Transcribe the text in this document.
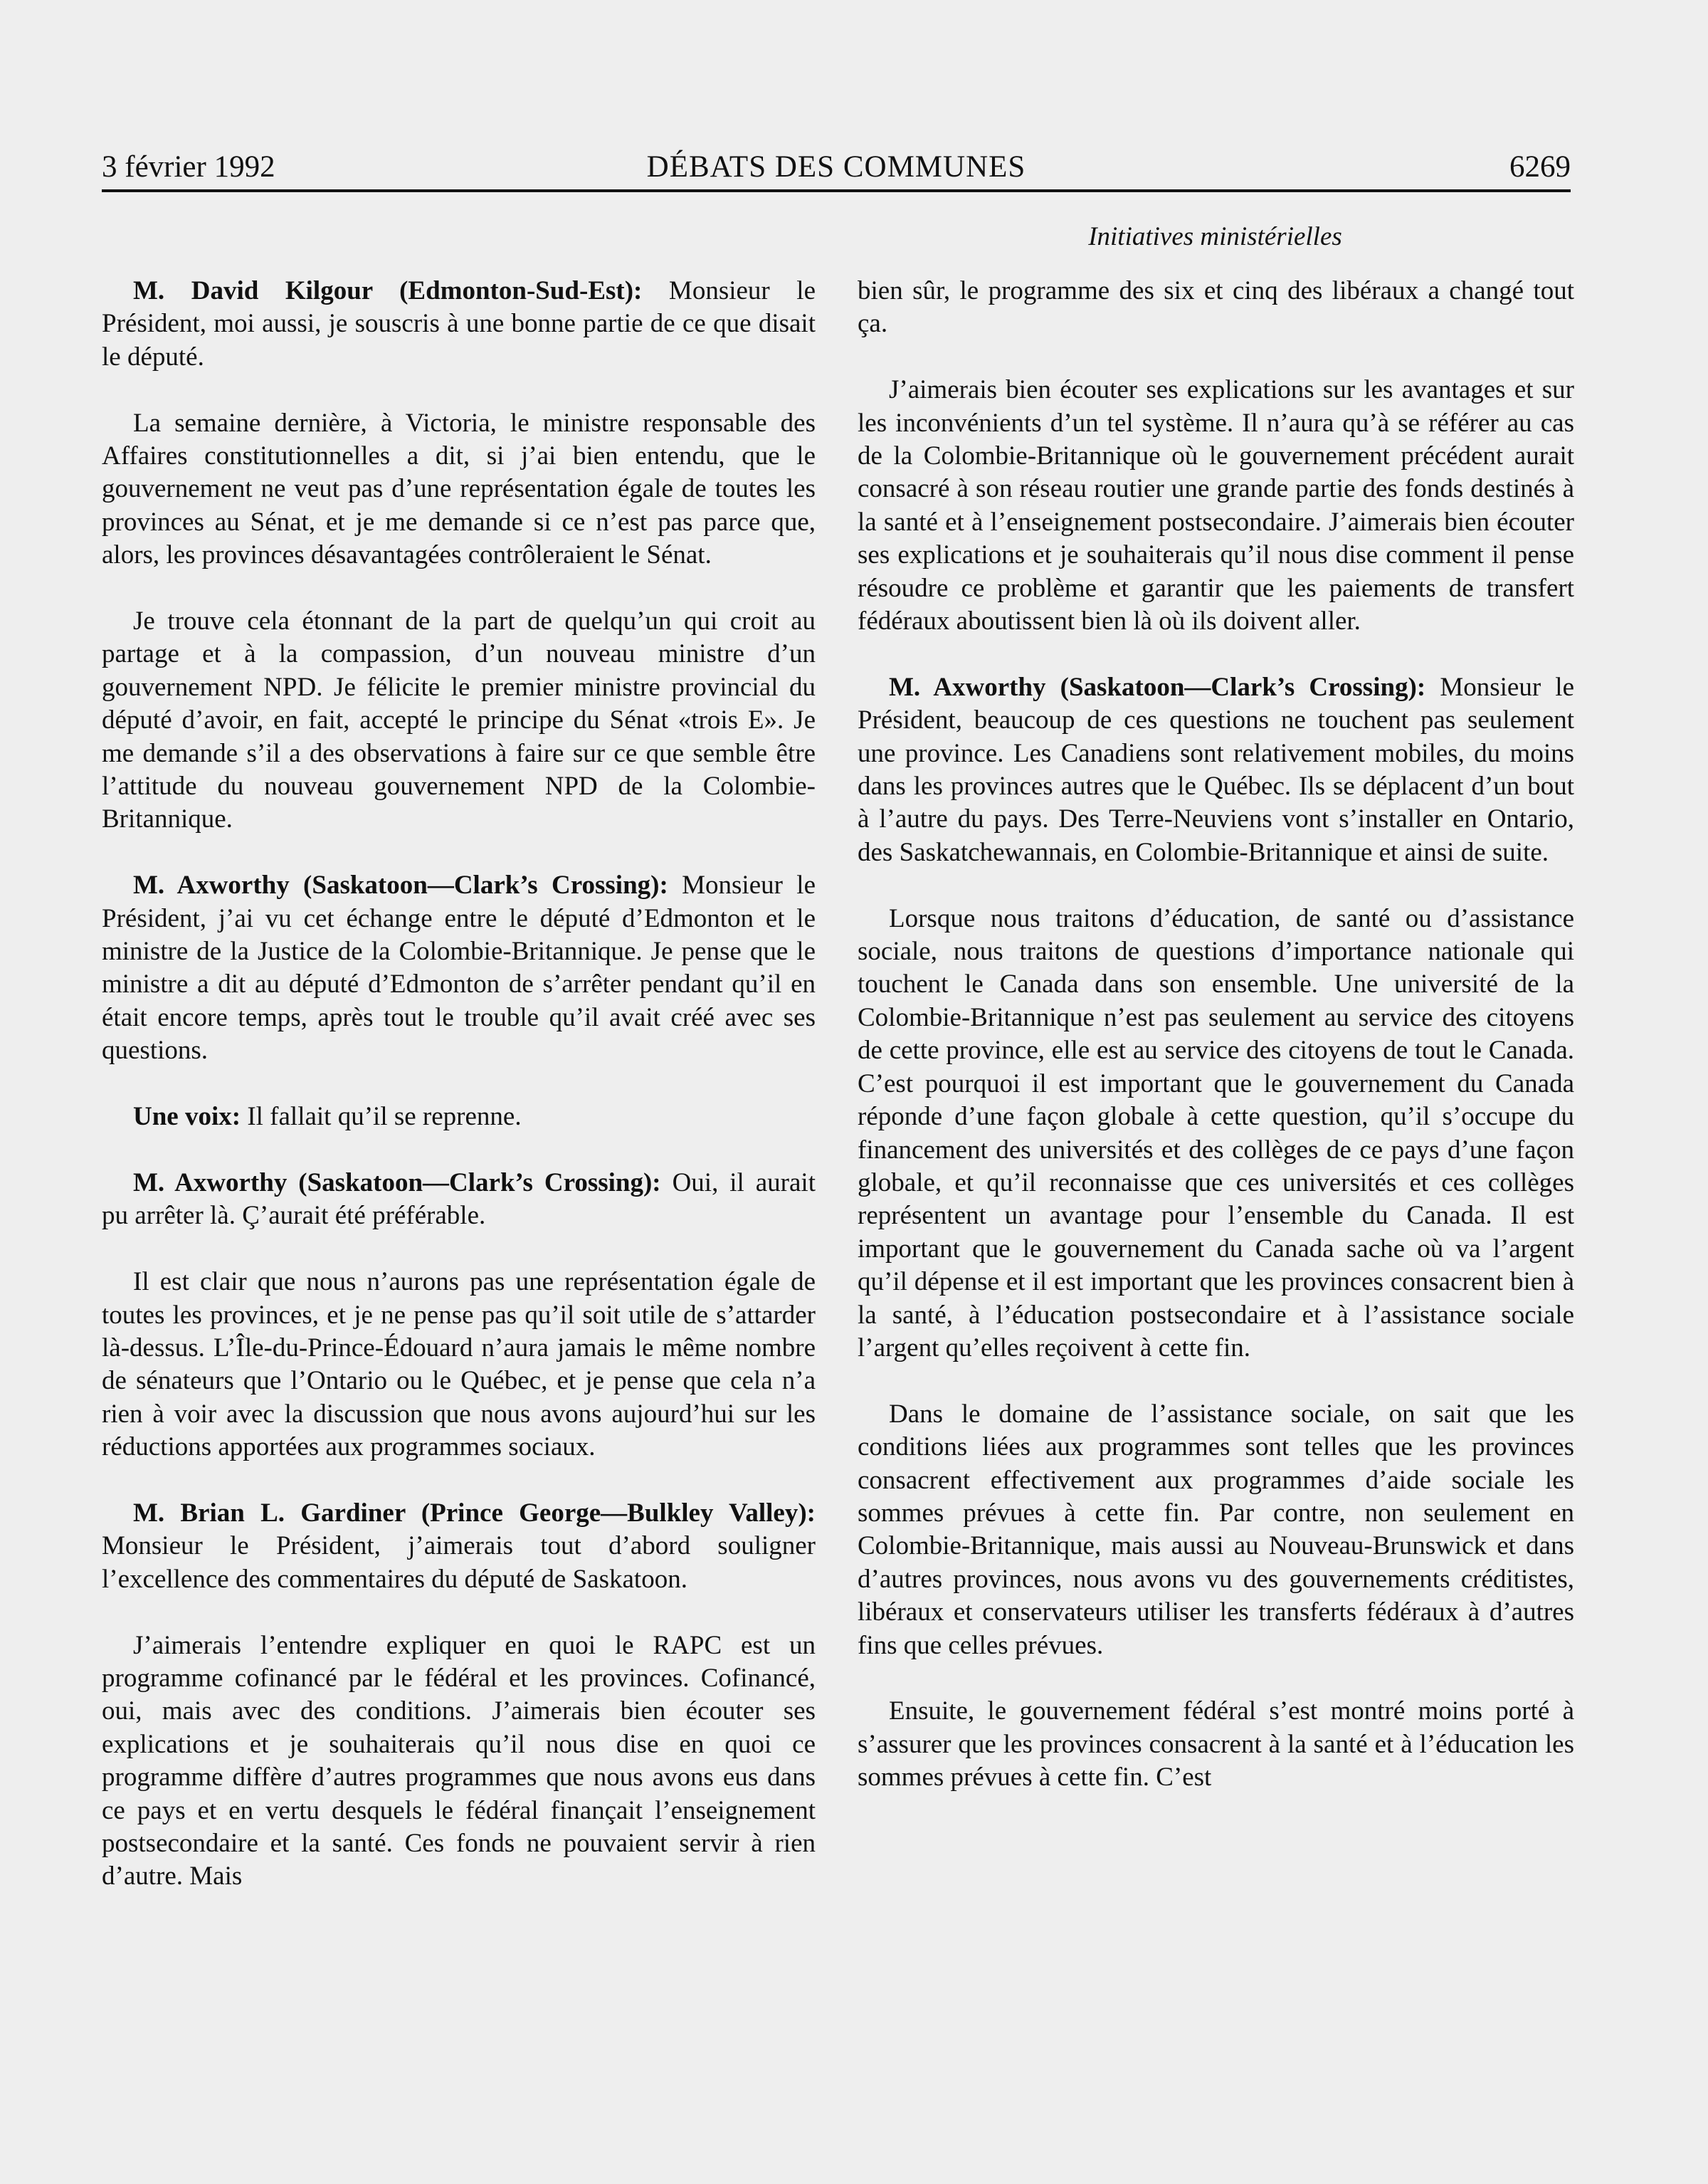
3 février 1992	DÉBATS DES COMMUNES	6269
Initiatives ministérielles

M. David Kilgour (Edmonton-Sud-Est): Monsieur le Président, moi aussi, je souscris à une bonne partie de ce que disait le député.

La semaine dernière, à Victoria, le ministre responsable des Affaires constitutionnelles a dit, si j’ai bien entendu, que le gouvernement ne veut pas d’une représentation égale de toutes les provinces au Sénat, et je me demande si ce n’est pas parce que, alors, les provinces désavantagées contrôleraient le Sénat.

Je trouve cela étonnant de la part de quelqu’un qui croit au partage et à la compassion, d’un nouveau ministre d’un gouvernement NPD. Je félicite le premier ministre provincial du député d’avoir, en fait, accepté le principe du Sénat «trois E». Je me demande s’il a des observations à faire sur ce que semble être l’attitude du nouveau gouvernement NPD de la Colombie-Britannique.

M. Axworthy (Saskatoon—Clark’s Crossing): Monsieur le Président, j’ai vu cet échange entre le député d’Edmonton et le ministre de la Justice de la Colombie-Britannique. Je pense que le ministre a dit au député d’Edmonton de s’arrêter pendant qu’il en était encore temps, après tout le trouble qu’il avait créé avec ses questions.

Une voix: Il fallait qu’il se reprenne.

M. Axworthy (Saskatoon—Clark’s Crossing): Oui, il aurait pu arrêter là. Ç’aurait été préférable.

Il est clair que nous n’aurons pas une représentation égale de toutes les provinces, et je ne pense pas qu’il soit utile de s’attarder là-dessus. L’Île-du-Prince-Édouard n’aura jamais le même nombre de sénateurs que l’Ontario ou le Québec, et je pense que cela n’a rien à voir avec la discussion que nous avons aujourd’hui sur les réductions apportées aux programmes sociaux.

M. Brian L. Gardiner (Prince George—Bulkley Valley): Monsieur le Président, j’aimerais tout d’abord souligner l’excellence des commentaires du député de Saskatoon.

J’aimerais l’entendre expliquer en quoi le RAPC est un programme cofinancé par le fédéral et les provinces. Cofinancé, oui, mais avec des conditions. J’aimerais bien écouter ses explications et je souhaiterais qu’il nous dise en quoi ce programme diffère d’autres programmes que nous avons eus dans ce pays et en vertu desquels le fédéral finançait l’enseignement postsecondaire et la santé. Ces fonds ne pouvaient servir à rien d’autre. Mais

bien sûr, le programme des six et cinq des libéraux a changé tout ça.

J’aimerais bien écouter ses explications sur les avantages et sur les inconvénients d’un tel système. Il n’aura qu’à se référer au cas de la Colombie-Britannique où le gouvernement précédent aurait consacré à son réseau routier une grande partie des fonds destinés à la santé et à l’enseignement postsecondaire. J’aimerais bien écouter ses explications et je souhaiterais qu’il nous dise comment il pense résoudre ce problème et garantir que les paiements de transfert fédéraux aboutissent bien là où ils doivent aller.

M. Axworthy (Saskatoon—Clark’s Crossing): Monsieur le Président, beaucoup de ces questions ne touchent pas seulement une province. Les Canadiens sont relativement mobiles, du moins dans les provinces autres que le Québec. Ils se déplacent d’un bout à l’autre du pays. Des Terre-Neuviens vont s’installer en Ontario, des Saskatchewannais, en Colombie-Britannique et ainsi de suite.

Lorsque nous traitons d’éducation, de santé ou d’assistance sociale, nous traitons de questions d’importance nationale qui touchent le Canada dans son ensemble. Une université de la Colombie-Britannique n’est pas seulement au service des citoyens de cette province, elle est au service des citoyens de tout le Canada. C’est pourquoi il est important que le gouvernement du Canada réponde d’une façon globale à cette question, qu’il s’occupe du financement des universités et des collèges de ce pays d’une façon globale, et qu’il reconnaisse que ces universités et ces collèges représentent un avantage pour l’ensemble du Canada. Il est important que le gouvernement du Canada sache où va l’argent qu’il dépense et il est important que les provinces consacrent bien à la santé, à l’éducation postsecondaire et à l’assistance sociale l’argent qu’elles reçoivent à cette fin.

Dans le domaine de l’assistance sociale, on sait que les conditions liées aux programmes sont telles que les provinces consacrent effectivement aux programmes d’aide sociale les sommes prévues à cette fin. Par contre, non seulement en Colombie-Britannique, mais aussi au Nouveau-Brunswick et dans d’autres provinces, nous avons vu des gouvernements créditistes, libéraux et conservateurs utiliser les transferts fédéraux à d’autres fins que celles prévues.

Ensuite, le gouvernement fédéral s’est montré moins porté à s’assurer que les provinces consacrent à la santé et à l’éducation les sommes prévues à cette fin. C’est
